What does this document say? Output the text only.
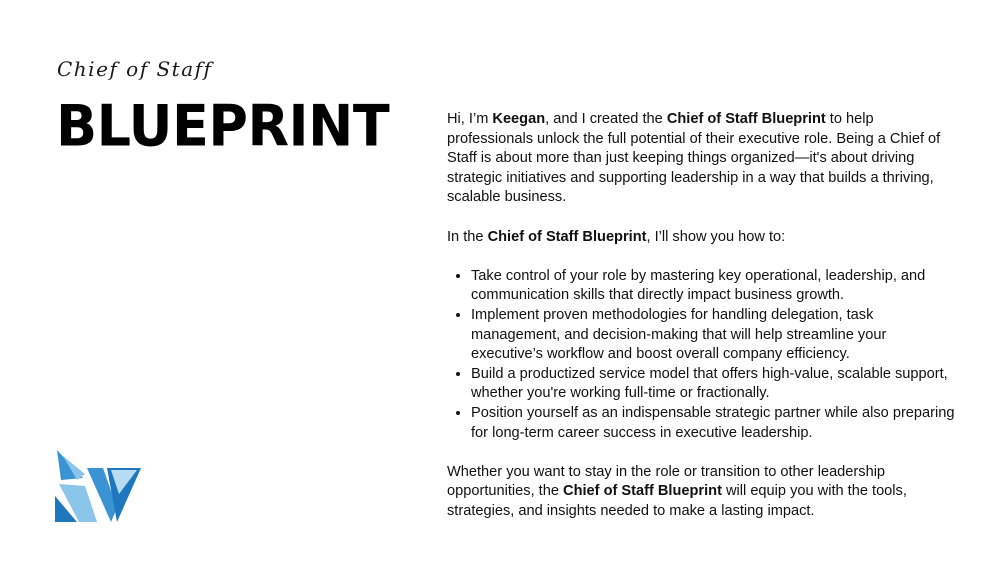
Chief of Staff
BLUEPRINT	Hi, I’m Keegan, and I created the Chief of Staff Blueprint to help professionals unlock the full potential of their executive role. Being a Chief of Staff is about more than just keeping things organized—it's about driving strategic initiatives and supporting leadership in a way that builds a thriving, scalable business.

In the Chief of Staff Blueprint, I’ll show you how to:

• Take control of your role by mastering key operational, leadership, and communication skills that directly impact business growth.
• Implement proven methodologies for handling delegation, task management, and decision-making that will help streamline your executive’s workflow and boost overall company efficiency.
• Build a productized service model that offers high-value, scalable support, whether you're working full-time or fractionally.
• Position yourself as an indispensable strategic partner while also preparing for long-term career success in executive leadership.

Whether you want to stay in the role or transition to other leadership opportunities, the Chief of Staff Blueprint will equip you with the tools, strategies, and insights needed to make a lasting impact.
